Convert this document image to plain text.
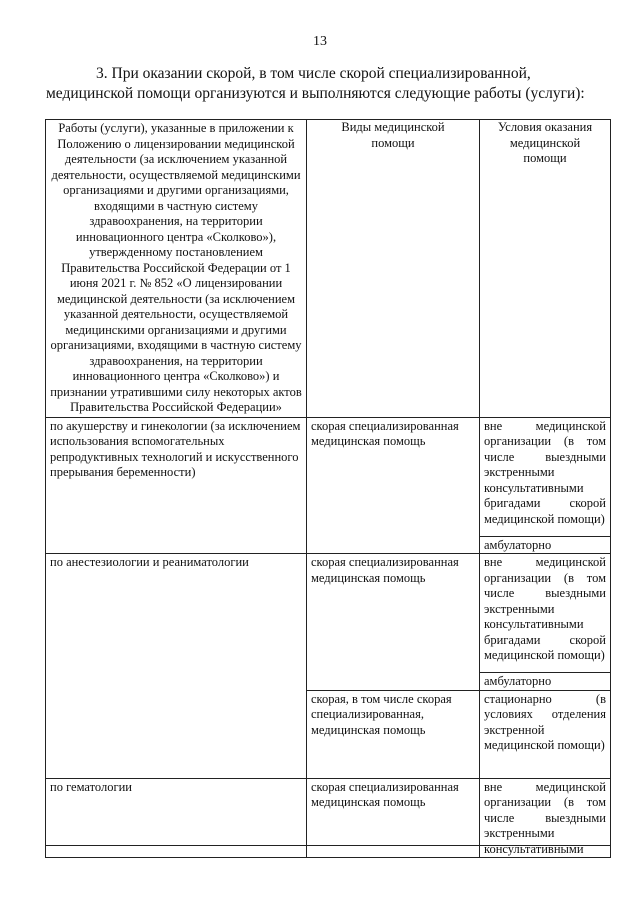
13
3. При оказании скорой, в том числе скорой специализированной, медицинской помощи организуются и выполняются следующие работы (услуги):
Работы (услуги), указанные в приложении к Положению о лицензировании медицинской деятельности (за исключением указанной деятельности, осуществляемой медицинскими организациями и другими организациями, входящими в частную систему здравоохранения, на территории инновационного центра «Сколково»), утвержденному постановлением Правительства Российской Федерации от 1 июня 2021 г. № 852 «О лицензировании медицинской деятельности (за исключением указанной деятельности, осуществляемой медицинскими организациями и другими организациями, входящими в частную систему здравоохранения, на территории инновационного центра «Сколково») и признании утратившими силу некоторых актов Правительства Российской Федерации»	Виды медицинской помощи	Условия оказания медицинской помощи
по акушерству и гинекологии (за исключением использования вспомогательных репродуктивных технологий и искусственного прерывания беременности)	скорая специализированная медицинская помощь	вне медицинской организации (в том числе выездными экстренными консультативными бригадами скорой медицинской помощи)
		амбулаторно
по анестезиологии и реаниматологии	скорая специализированная медицинская помощь	вне медицинской организации (в том числе выездными экстренными консультативными бригадами скорой медицинской помощи)
		амбулаторно
	скорая, в том числе скорая специализированная, медицинская помощь	стационарно (в условиях отделения экстренной медицинской помощи)
по гематологии	скорая специализированная медицинская помощь	вне медицинской организации (в том числе выездными экстренными консультативными
